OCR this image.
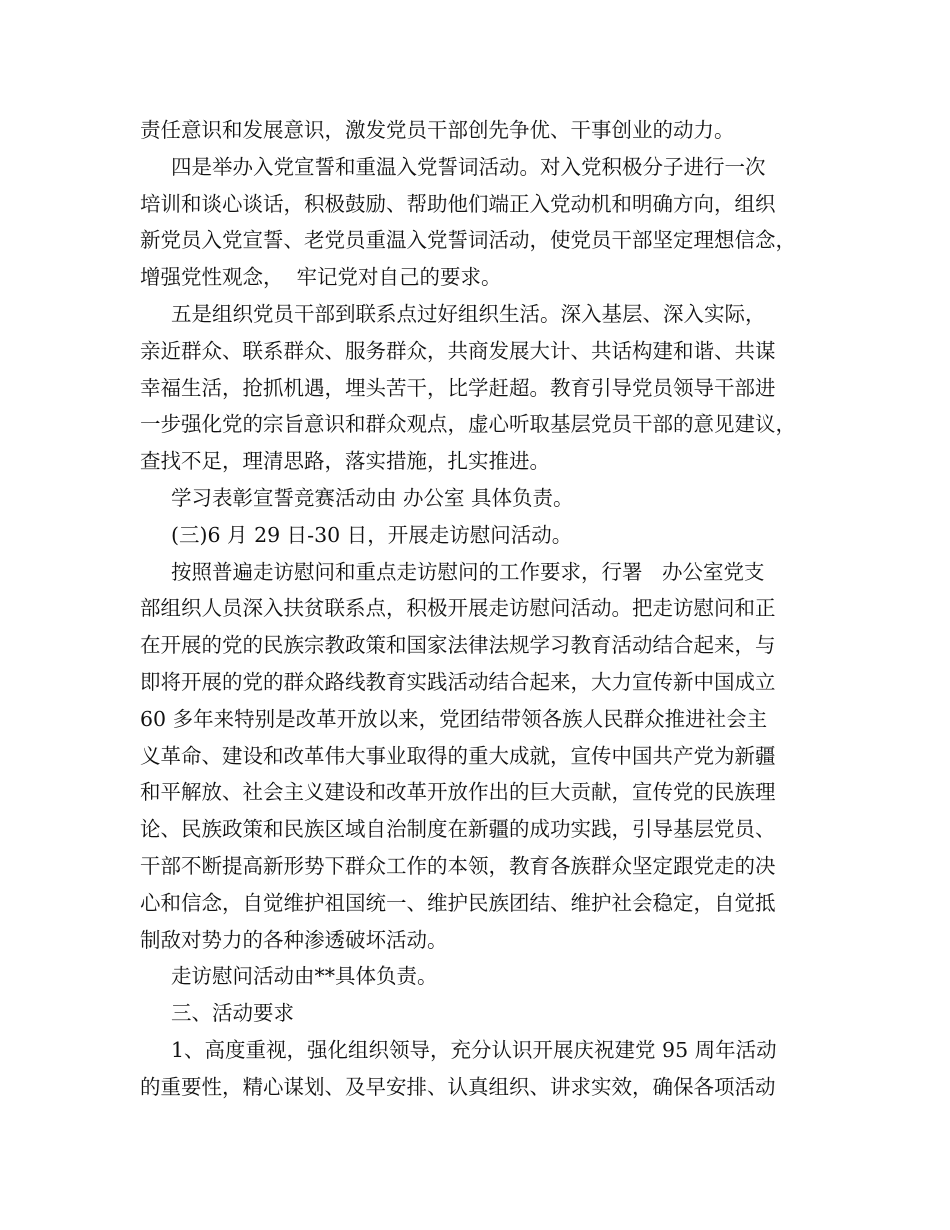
责任意识和发展意识，激发党员干部创先争优、干事创业的动力。

四是举办入党宣誓和重温入党誓词活动。对入党积极分子进行一次
培训和谈心谈话，积极鼓励、帮助他们端正入党动机和明确方向，组织
新党员入党宣誓、老党员重温入党誓词活动，使党员干部坚定理想信念，
增强党性观念，  牢记党对自己的要求。

五是组织党员干部到联系点过好组织生活。深入基层、深入实际，
亲近群众、联系群众、服务群众，共商发展大计、共话构建和谐、共谋
幸福生活，抢抓机遇，埋头苦干，比学赶超。教育引导党员领导干部进
一步强化党的宗旨意识和群众观点，虚心听取基层党员干部的意见建议，
查找不足，理清思路，落实措施，扎实推进。

学习表彰宣誓竞赛活动由 办公室 具体负责。

(三)6 月 29 日-30 日，开展走访慰问活动。

按照普遍走访慰问和重点走访慰问的工作要求，行署   办公室党支
部组织人员深入扶贫联系点，积极开展走访慰问活动。把走访慰问和正
在开展的党的民族宗教政策和国家法律法规学习教育活动结合起来，与
即将开展的党的群众路线教育实践活动结合起来，大力宣传新中国成立
60 多年来特别是改革开放以来，党团结带领各族人民群众推进社会主
义革命、建设和改革伟大事业取得的重大成就，宣传中国共产党为新疆
和平解放、社会主义建设和改革开放作出的巨大贡献，宣传党的民族理
论、民族政策和民族区域自治制度在新疆的成功实践，引导基层党员、
干部不断提高新形势下群众工作的本领，教育各族群众坚定跟党走的决
心和信念，自觉维护祖国统一、维护民族团结、维护社会稳定，自觉抵
制敌对势力的各种渗透破坏活动。

走访慰问活动由**具体负责。

三、活动要求

1、高度重视，强化组织领导，充分认识开展庆祝建党 95 周年活动
的重要性，精心谋划、及早安排、认真组织、讲求实效，确保各项活动
